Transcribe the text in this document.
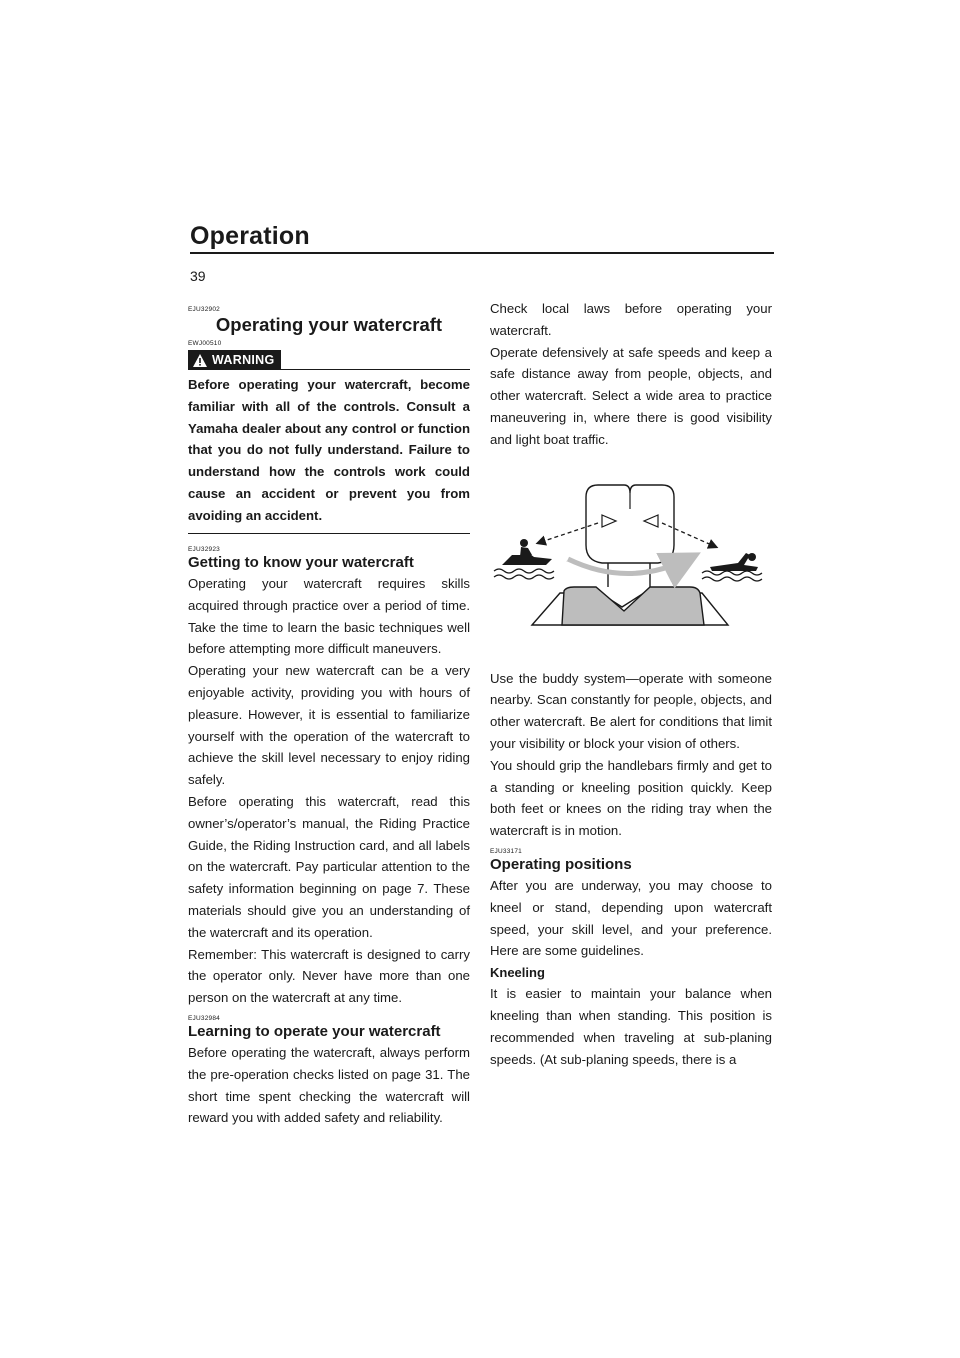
Operation
39
EJU32902
Operating your watercraft
EWJ00510
WARNING
Before operating your watercraft, become familiar with all of the controls. Consult a Yamaha dealer about any control or function that you do not fully understand. Failure to understand how the controls work could cause an accident or prevent you from avoiding an accident.
EJU32923
Getting to know your watercraft

Operating your watercraft requires skills acquired through practice over a period of time. Take the time to learn the basic techniques well before attempting more difficult maneuvers.

Operating your new watercraft can be a very enjoyable activity, providing you with hours of pleasure. However, it is essential to familiarize yourself with the operation of the watercraft to achieve the skill level necessary to enjoy riding safely.

Before operating this watercraft, read this owner’s/operator’s manual, the Riding Practice Guide, the Riding Instruction card, and all labels on the watercraft. Pay particular attention to the safety information beginning on page 7. These materials should give you an understanding of the watercraft and its operation.

Remember: This watercraft is designed to carry the operator only. Never have more than one person on the watercraft at any time.

EJU32984
Learning to operate your watercraft

Before operating the watercraft, always perform the pre-operation checks listed on page 31. The short time spent checking the watercraft will reward you with added safety and reliability.

Check local laws before operating your watercraft.

Operate defensively at safe speeds and keep a safe distance away from people, objects, and other watercraft. Select a wide area to practice maneuvering in, where there is good visibility and light boat traffic.

Use the buddy system—operate with someone nearby. Scan constantly for people, objects, and other watercraft. Be alert for conditions that limit your visibility or block your vision of others.

You should grip the handlebars firmly and get to a standing or kneeling position quickly. Keep both feet or knees on the riding tray when the watercraft is in motion.

EJU33171
Operating positions

After you are underway, you may choose to kneel or stand, depending upon watercraft speed, your skill level, and your preference. Here are some guidelines.

Kneeling

It is easier to maintain your balance when kneeling than when standing. This position is recommended when traveling at sub-planing speeds. (At sub-planing speeds, there is a
